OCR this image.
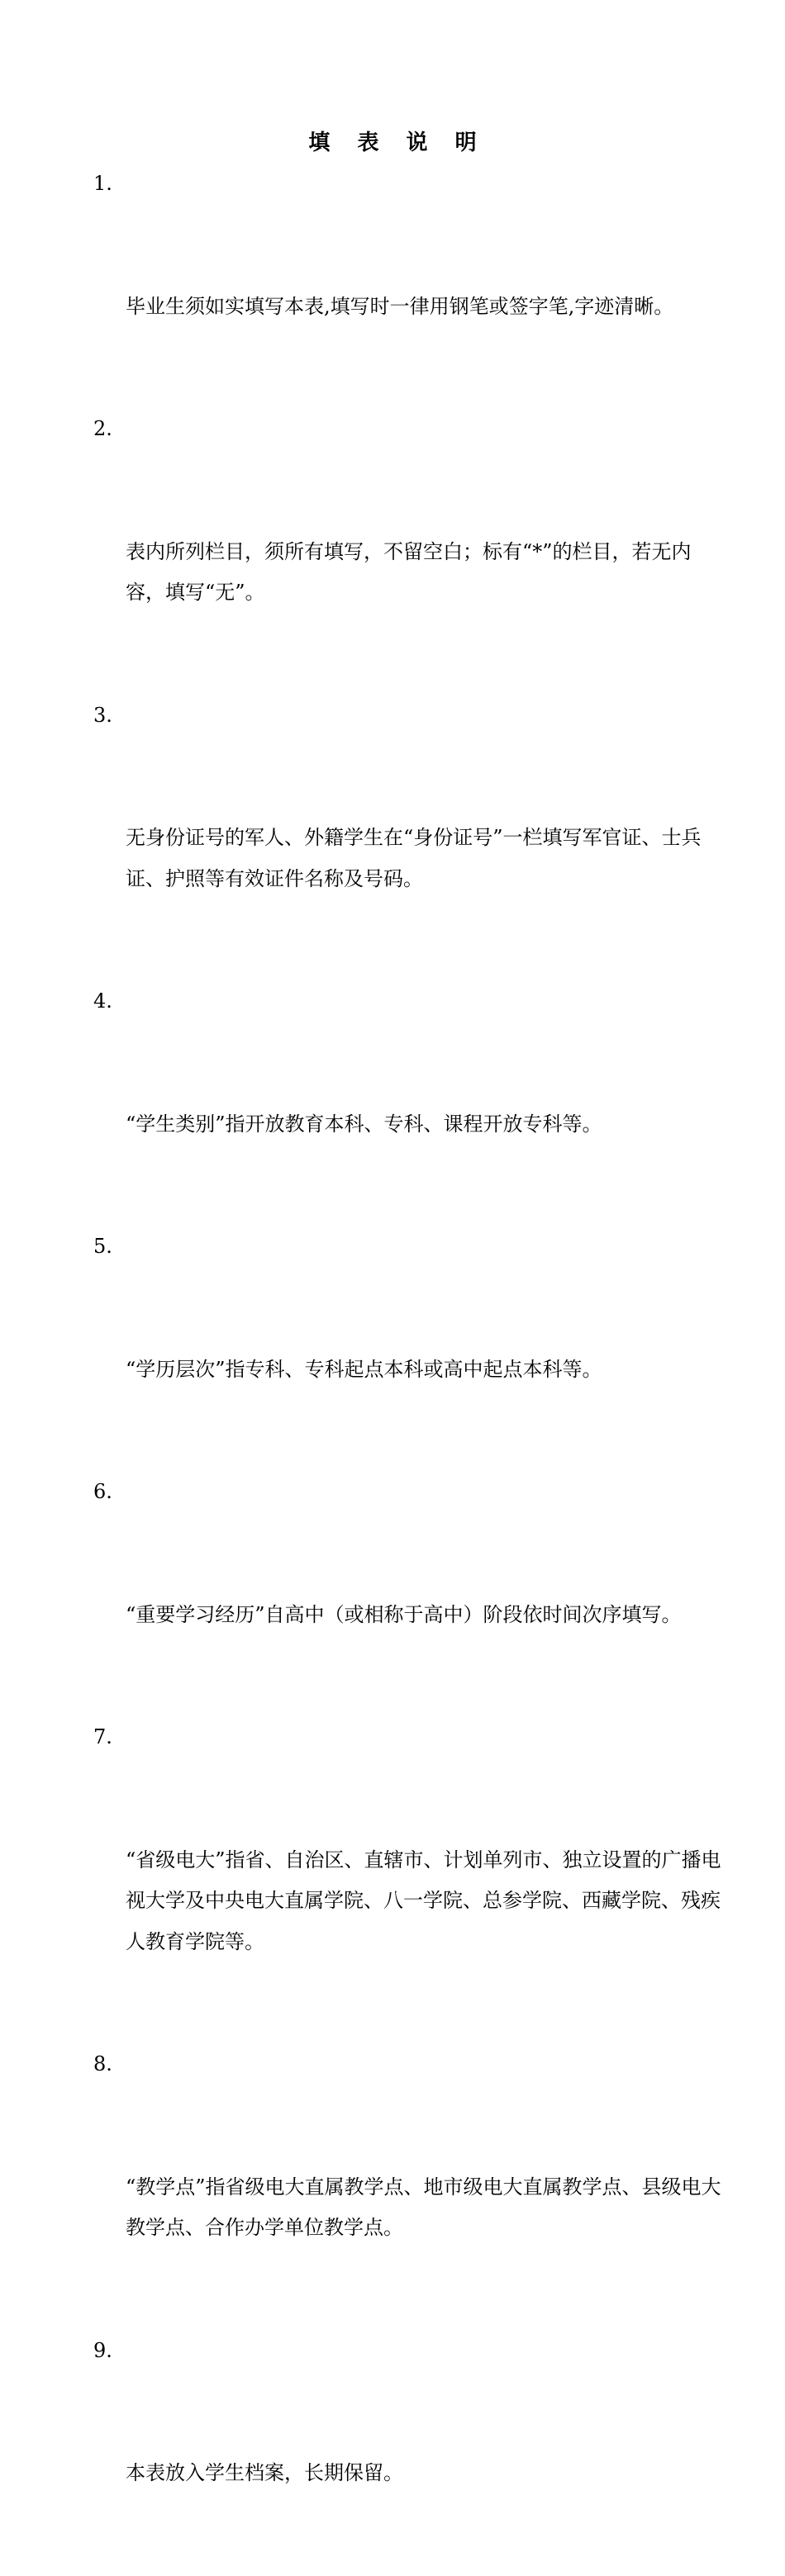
填 表 说 明

1.

毕业生须如实填写本表,填写时一律用钢笔或签字笔,字迹清晰。

2.

表内所列栏目，须所有填写，不留空白；标有“*”的栏目，若无内容，填写“无”。

3.

无身份证号的军人、外籍学生在“身份证号”一栏填写军官证、士兵证、护照等有效证件名称及号码。

4.

“学生类别”指开放教育本科、专科、课程开放专科等。

5.

“学历层次”指专科、专科起点本科或高中起点本科等。

6.

“重要学习经历”自高中（或相称于高中）阶段依时间次序填写。

7.

“省级电大”指省、自治区、直辖市、计划单列市、独立设置的广播电视大学及中央电大直属学院、八一学院、总参学院、西藏学院、残疾人教育学院等。

8.

“教学点”指省级电大直属教学点、地市级电大直属教学点、县级电大教学点、合作办学单位教学点。

9.

本表放入学生档案，长期保留。
